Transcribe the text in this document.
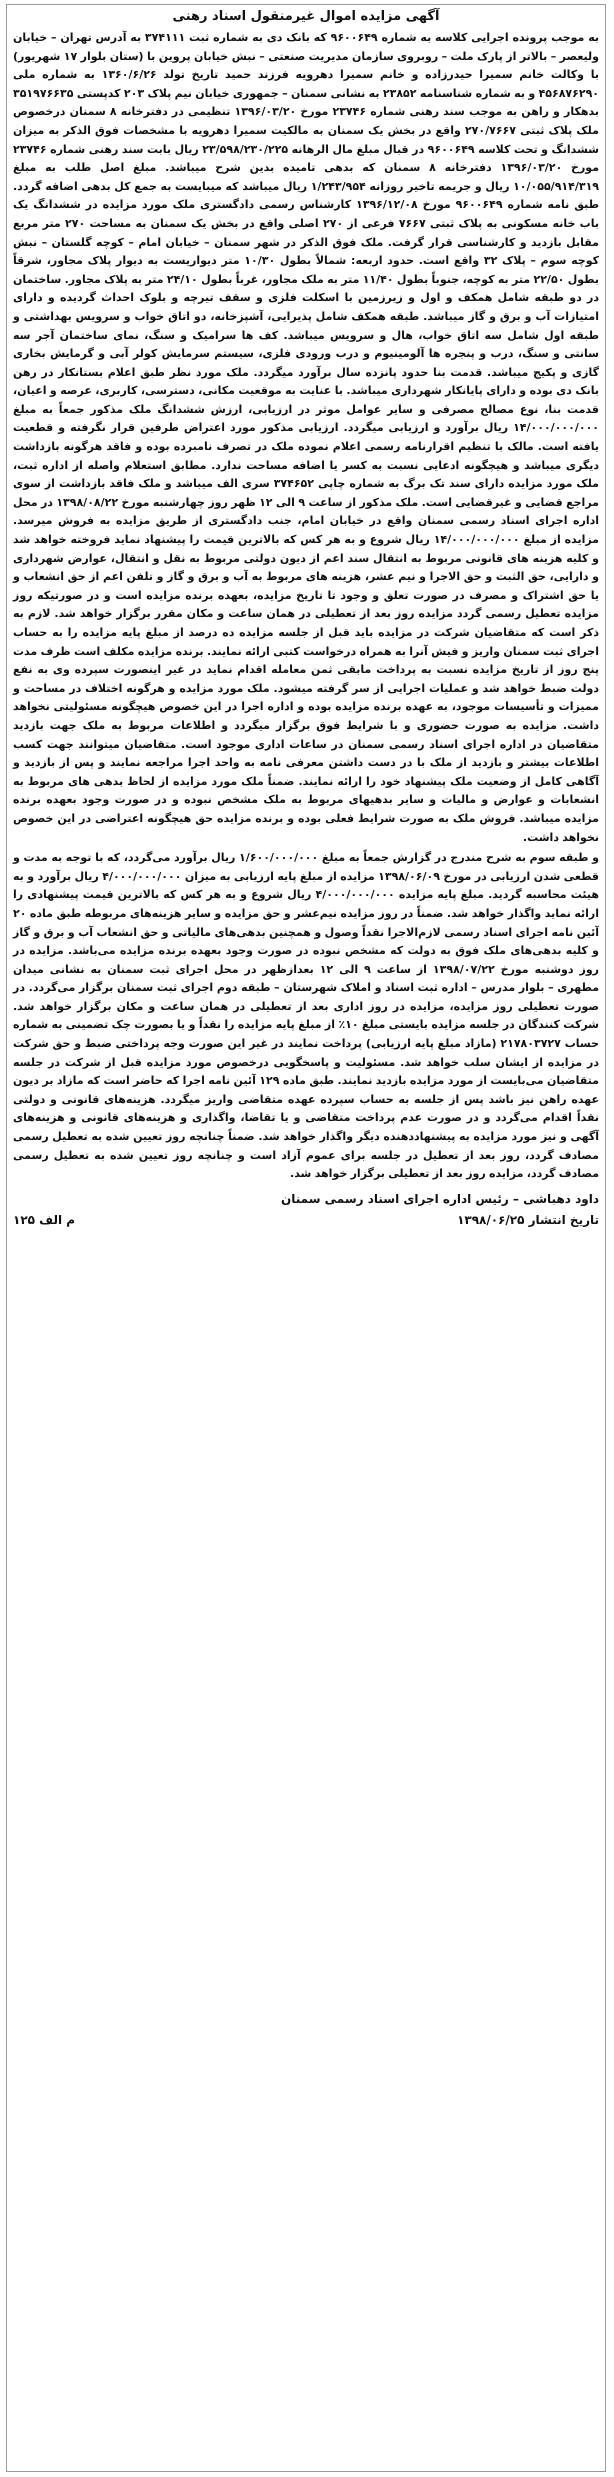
آگهی مزایده اموال غیرمنقول اسناد رهنی

به موجب پرونده اجرایی کلاسه به شماره ۹۶۰۰۶۴۹ که بانک دی به شماره ثبت ۳۷۴۱۱۱ به آدرس تهران – خیابان ولیعصر – بالاتر از پارک ملت – روبروی سازمان مدیریت صنعتی – نبش خیابان پروین با (ستان بلوار ۱۷ شهریور) با وکالت خانم سمیرا حیدرزاده و خانم سمیرا دهرویه فرزند حمید تاریخ تولد ۱۳۶۰/۶/۲۶ به شماره ملی ۴۵۶۸۷۶۲۹۰ و به شماره شناسنامه ۲۳۸۵۲ به نشانی سمنان – جمهوری خیابان نیم پلاک ۲۰۳ کدپستی ۳۵۱۹۷۶۶۳۵ بدهکار و راهن به موجب سند رهنی شماره ۲۳۷۴۶ مورخ ۱۳۹۶/۰۳/۲۰ تنظیمی در دفترخانه ۸ سمنان درخصوص ملک پلاک ثبتی ۲۷۰/۷۶۶۷ واقع در بخش یک سمنان به مالکیت سمیرا دهرویه با مشخصات فوق الذکر به میزان ششدانگ و تحت کلاسه ۹۶۰۰۶۴۹ در قبال مبلغ مال الرهانه ۲۳/۵۹۸/۲۳۰/۲۲۵ ریال بابت سند رهنی شماره ۲۳۷۴۶ مورخ ۱۳۹۶/۰۳/۲۰ دفترخانه ۸ سمنان که بدهی تامیده بدین شرح میباشد. مبلغ اصل طلب به مبلغ ۱۰/۰۵۵/۹۱۴/۳۱۹ ریال و جریمه تاخیر روزانه ۱/۲۴۳/۹۵۴ ریال میباشد که میبایست به جمع کل بدهی اضافه گردد. طبق نامه شماره ۹۶۰۰۶۴۹ مورخ ۱۳۹۶/۱۲/۰۸ کارشناس رسمی دادگستری ملک مورد مزایده در ششدانگ یک باب خانه مسکونی به پلاک ثبتی ۷۶۶۷ فرعی از ۲۷۰ اصلی واقع در بخش یک سمنان به مساحت ۲۷۰ متر مربع مقابل بازدید و کارشناسی قرار گرفت. ملک فوق الذکر در شهر سمنان – خیابان امام – کوچه گلستان – نبش کوچه سوم – پلاک ۳۲ واقع است. حدود اربعه: شمالاً بطول ۱۰/۳۰ متر دیواریست به دیوار پلاک مجاور، شرقاً بطول ۲۲/۵۰ متر به کوچه، جنوباً بطول ۱۱/۴۰ متر به ملک مجاور، غرباً بطول ۲۴/۱۰ متر به پلاک مجاور. ساختمان در دو طبقه شامل همکف و اول و زیرزمین با اسکلت فلزی و سقف تیرچه و بلوک احداث گردیده و دارای امتیازات آب و برق و گاز میباشد. طبقه همکف شامل پذیرایی، آشپزخانه، دو اتاق خواب و سرویس بهداشتی و طبقه اول شامل سه اتاق خواب، هال و سرویس میباشد. کف ها سرامیک و سنگ، نمای ساختمان آجر سه سانتی و سنگ، درب و پنجره ها آلومینیوم و درب ورودی فلزی، سیستم سرمایش کولر آبی و گرمایش بخاری گازی و پکیج میباشد. قدمت بنا حدود پانزده سال برآورد میگردد. ملک مورد نظر طبق اعلام بستانکار در رهن بانک دی بوده و دارای پایانکار شهرداری میباشد. با عنایت به موقعیت مکانی، دسترسی، کاربری، عرصه و اعیان، قدمت بنا، نوع مصالح مصرفی و سایر عوامل موثر در ارزیابی، ارزش ششدانگ ملک مذکور جمعاً به مبلغ ۱۴/۰۰۰/۰۰۰/۰۰۰ ریال برآورد و ارزیابی میگردد. ارزیابی مذکور مورد اعتراض طرفین قرار نگرفته و قطعیت یافته است. مالک با تنظیم اقرارنامه رسمی اعلام نموده ملک در تصرف نامبرده بوده و فاقد هرگونه بازداشت دیگری میباشد و هیچگونه ادعایی نسبت به کسر یا اضافه مساحت ندارد. مطابق استعلام واصله از اداره ثبت، ملک مورد مزایده دارای سند تک برگ به شماره چاپی ۳۷۴۶۵۲ سری الف میباشد و ملک فاقد بازداشت از سوی مراجع قضایی و غیرقضایی است. ملک مذکور از ساعت ۹ الی ۱۲ ظهر روز چهارشنبه مورخ ۱۳۹۸/۰۸/۲۲ در محل اداره اجرای اسناد رسمی سمنان واقع در خیابان امام، جنب دادگستری از طریق مزایده به فروش میرسد. مزایده از مبلغ ۱۴/۰۰۰/۰۰۰/۰۰۰ ریال شروع و به هر کس که بالاترین قیمت را پیشنهاد نماید فروخته خواهد شد و کلیه هزینه های قانونی مربوط به انتقال سند اعم از دیون دولتی مربوط به نقل و انتقال، عوارض شهرداری و دارایی، حق الثبت و حق الاجرا و نیم عشر، هزینه های مربوط به آب و برق و گاز و تلفن اعم از حق انشعاب و یا حق اشتراک و مصرف در صورت تعلق و وجود تا تاریخ مزایده، بعهده برنده مزایده است و در صورتیکه روز مزایده تعطیل رسمی گردد مزایده روز بعد از تعطیلی در همان ساعت و مکان مقرر برگزار خواهد شد. لازم به ذکر است که متقاضیان شرکت در مزایده باید قبل از جلسه مزایده ده درصد از مبلغ پایه مزایده را به حساب اجرای ثبت سمنان واریز و فیش آنرا به همراه درخواست کتبی ارائه نمایند. برنده مزایده مکلف است ظرف مدت پنج روز از تاریخ مزایده نسبت به پرداخت مابقی ثمن معامله اقدام نماید در غیر اینصورت سپرده وی به نفع دولت ضبط خواهد شد و عملیات اجرایی از سر گرفته میشود. ملک مورد مزایده و هرگونه اختلاف در مساحت و ممیزات و تأسیسات موجود، به عهده برنده مزایده بوده و اداره اجرا در این خصوص هیچگونه مسئولیتی نخواهد داشت. مزایده به صورت حضوری و با شرایط فوق برگزار میگردد و اطلاعات مربوط به ملک جهت بازدید متقاضیان در اداره اجرای اسناد رسمی سمنان در ساعات اداری موجود است. متقاضیان میتوانند جهت کسب اطلاعات بیشتر و بازدید از ملک با در دست داشتن معرفی نامه به واحد اجرا مراجعه نمایند و پس از بازدید و آگاهی کامل از وضعیت ملک پیشنهاد خود را ارائه نمایند. ضمناً ملک مورد مزایده از لحاظ بدهی های مربوط به انشعابات و عوارض و مالیات و سایر بدهیهای مربوط به ملک مشخص نبوده و در صورت وجود بعهده برنده مزایده میباشد. فروش ملک به صورت شرایط فعلی بوده و برنده مزایده حق هیچگونه اعتراضی در این خصوص نخواهد داشت.

و طبقه سوم به شرح مندرج در گزارش جمعاً به مبلغ ۱/۶۰۰/۰۰۰/۰۰۰ ریال برآورد می‌گردد، که با توجه به مدت و قطعی شدن ارزیابی در مورخ ۱۳۹۸/۰۶/۰۹ مزایده از مبلغ پایه ارزیابی به میزان ۴/۰۰۰/۰۰۰/۰۰۰ ریال برآورد و به هیئت محاسبه گردید. مبلغ پایه مزایده ۴/۰۰۰/۰۰۰/۰۰۰ ریال شروع و به هر کس که بالاترین قیمت پیشنهادی را ارائه نماید واگذار خواهد شد. ضمناً در روز مزایده نیم‌عشر و حق مزایده و سایر هزینه‌های مربوطه طبق ماده ۲۰ آئین نامه اجرای اسناد رسمی لازم‌الاجرا نقداً وصول و همچنین بدهی‌های مالیاتی و حق انشعاب آب و برق و گاز و کلیه بدهی‌های ملک فوق به دولت که مشخص نبوده در صورت وجود بعهده برنده مزایده می‌باشد. مزایده در روز دوشنبه مورخ ۱۳۹۸/۰۷/۲۲ از ساعت ۹ الی ۱۲ بعدازظهر در محل اجرای ثبت سمنان به نشانی میدان مطهری – بلوار مدرس – اداره ثبت اسناد و املاک شهرستان – طبقه دوم اجرای ثبت سمنان برگزار می‌گردد. در صورت تعطیلی روز مزایده، مزایده در روز اداری بعد از تعطیلی در همان ساعت و مکان برگزار خواهد شد. شرکت کنندگان در جلسه مزایده بایستی مبلغ ۱۰٪ از مبلغ پایه مزایده را نقداً و یا بصورت چک تضمینی به شماره حساب ۲۱۷۸۰۳۷۲۷ (مازاد مبلغ پایه ارزیابی) پرداخت نمایند در غیر این صورت وجه پرداختی ضبط و حق شرکت در مزایده از ایشان سلب خواهد شد. مسئولیت و پاسخگویی درخصوص مورد مزایده قبل از شرکت در جلسه متقاضیان می‌بایست از مورد مزایده بازدید نمایند. طبق ماده ۱۲۹ آئین نامه اجرا که حاضر است که مازاد بر دیون عهده راهن نیز باشد پس از جلسه به حساب سپرده عهده متقاضی واریز میگردد. هزینه‌های قانونی و دولتی نقداً اقدام می‌گردد و در صورت عدم پرداخت متقاضی و یا تقاضا، واگذاری و هزینه‌های قانونی و هزینه‌های آگهی و نیز مورد مزایده به پیشنهاد‌دهنده دیگر واگذار خواهد شد. ضمناً چنانچه روز تعیین شده به تعطیل رسمی مصادف گردد، روز بعد از تعطیل در جلسه برای عموم آزاد است و چنانچه روز تعیین شده به تعطیل رسمی مصادف گردد، مزایده روز بعد از تعطیلی برگزار خواهد شد.

داود دهباشی – رئیس اداره اجرای اسناد رسمی سمنان
تاریخ انتشار ۱۳۹۸/۰۶/۲۵
م الف ۱۲۵
